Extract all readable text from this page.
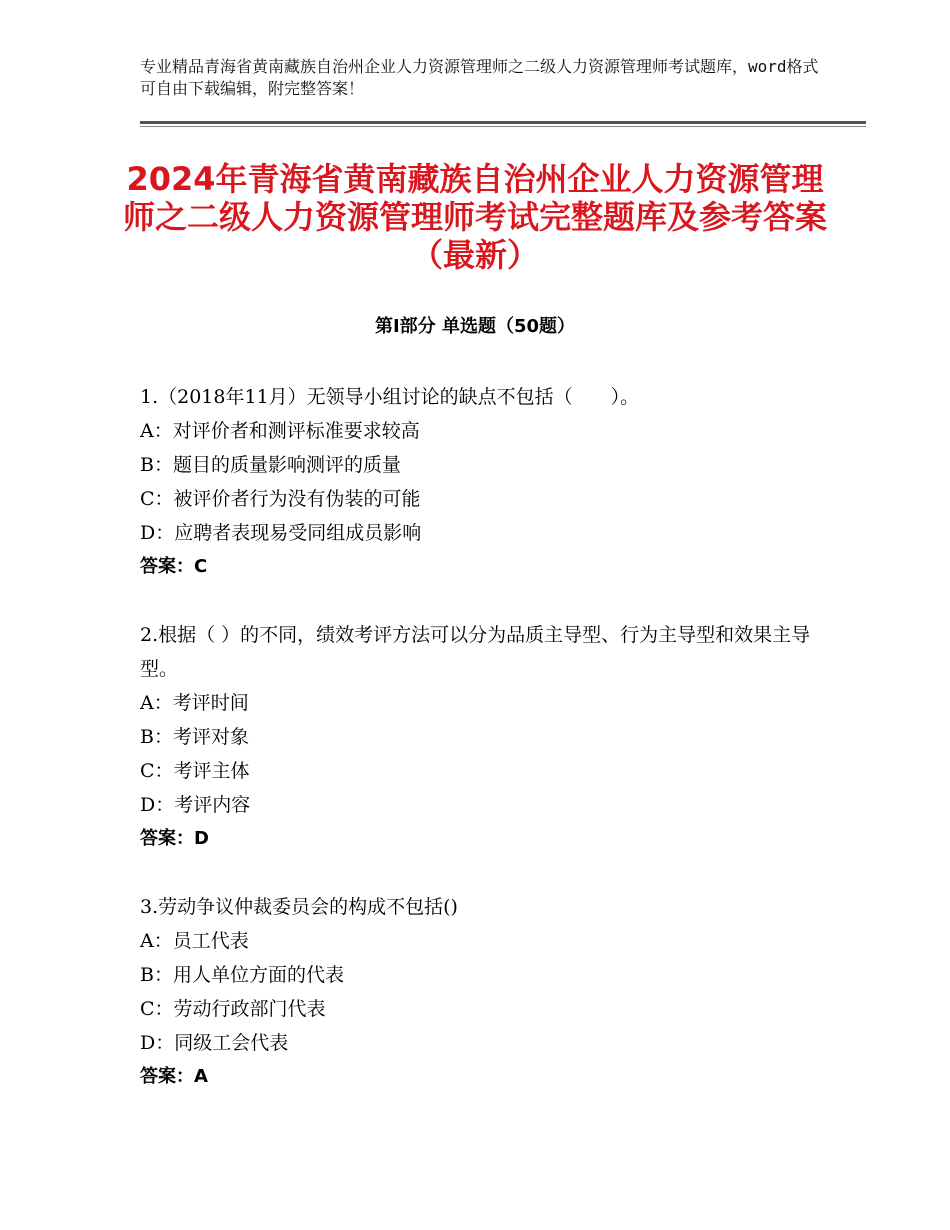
专业精品青海省黄南藏族自治州企业人力资源管理师之二级人力资源管理师考试题库，word格式可自由下载编辑，附完整答案！

2024年青海省黄南藏族自治州企业人力资源管理师之二级人力资源管理师考试完整题库及参考答案（最新）
第Ⅰ部分 单选题（50题）

1.（2018年11月）无领导小组讨论的缺点不包括（　　）。

A：对评价者和测评标准要求较高

B：题目的质量影响测评的质量

C：被评价者行为没有伪装的可能

D：应聘者表现易受同组成员影响

答案：C

2.根据（ ）的不同，绩效考评方法可以分为品质主导型、行为主导型和效果主导型。

A：考评时间

B：考评对象

C：考评主体

D：考评内容

答案：D

3.劳动争议仲裁委员会的构成不包括()

A：员工代表

B：用人单位方面的代表

C：劳动行政部门代表

D：同级工会代表

答案：A
